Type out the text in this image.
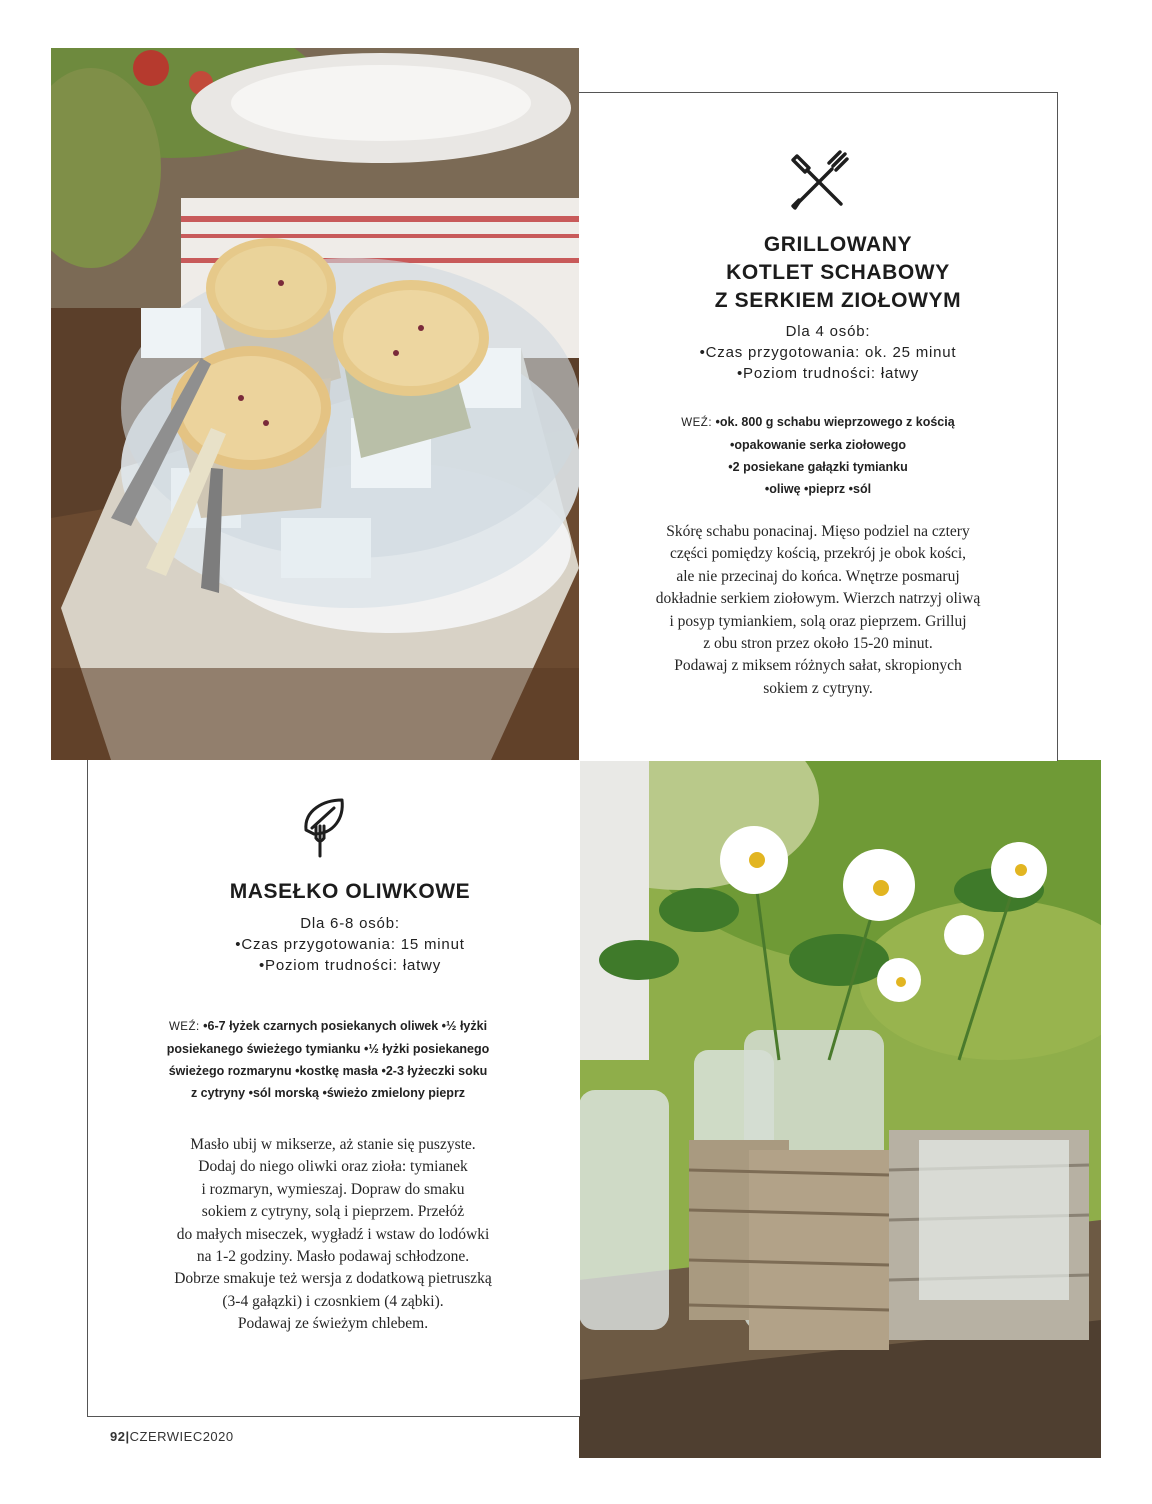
GRILLOWANY
KOTLET SCHABOWY
Z SERKIEM ZIOŁOWYM
Dla 4 osób:
•Czas przygotowania: ok. 25 minut
•Poziom trudności: łatwy
WEŹ: •ok. 800 g schabu wieprzowego z kością
•opakowanie serka ziołowego
•2 posiekane gałązki tymianku
•oliwę •pieprz •sól
Skórę schabu ponacinaj. Mięso podziel na cztery
części pomiędzy kością, przekrój je obok kości,
ale nie przecinaj do końca. Wnętrze posmaruj
dokładnie serkiem ziołowym. Wierzch natrzyj oliwą
i posyp tymiankiem, solą oraz pieprzem. Grilluj
z obu stron przez około 15-20 minut.
Podawaj z miksem różnych sałat, skropionych
sokiem z cytryny.
MASEŁKO OLIWKOWE
Dla 6-8 osób:
•Czas przygotowania: 15 minut
•Poziom trudności: łatwy
WEŹ: •6-7 łyżek czarnych posiekanych oliwek •½ łyżki
posiekanego świeżego tymianku •½ łyżki posiekanego
świeżego rozmarynu •kostkę masła •2-3 łyżeczki soku
z cytryny •sól morską •świeżo zmielony pieprz
Masło ubij w mikserze, aż stanie się puszyste.
Dodaj do niego oliwki oraz zioła: tymianek
i rozmaryn, wymieszaj. Dopraw do smaku
sokiem z cytryny, solą i pieprzem. Przełóż
do małych miseczek, wygładź i wstaw do lodówki
na 1-2 godziny. Masło podawaj schłodzone.
Dobrze smakuje też wersja z dodatkową pietruszką
(3-4 gałązki) i czosnkiem (4 ząbki).
Podawaj ze świeżym chlebem.
92|CZERWIEC2020
